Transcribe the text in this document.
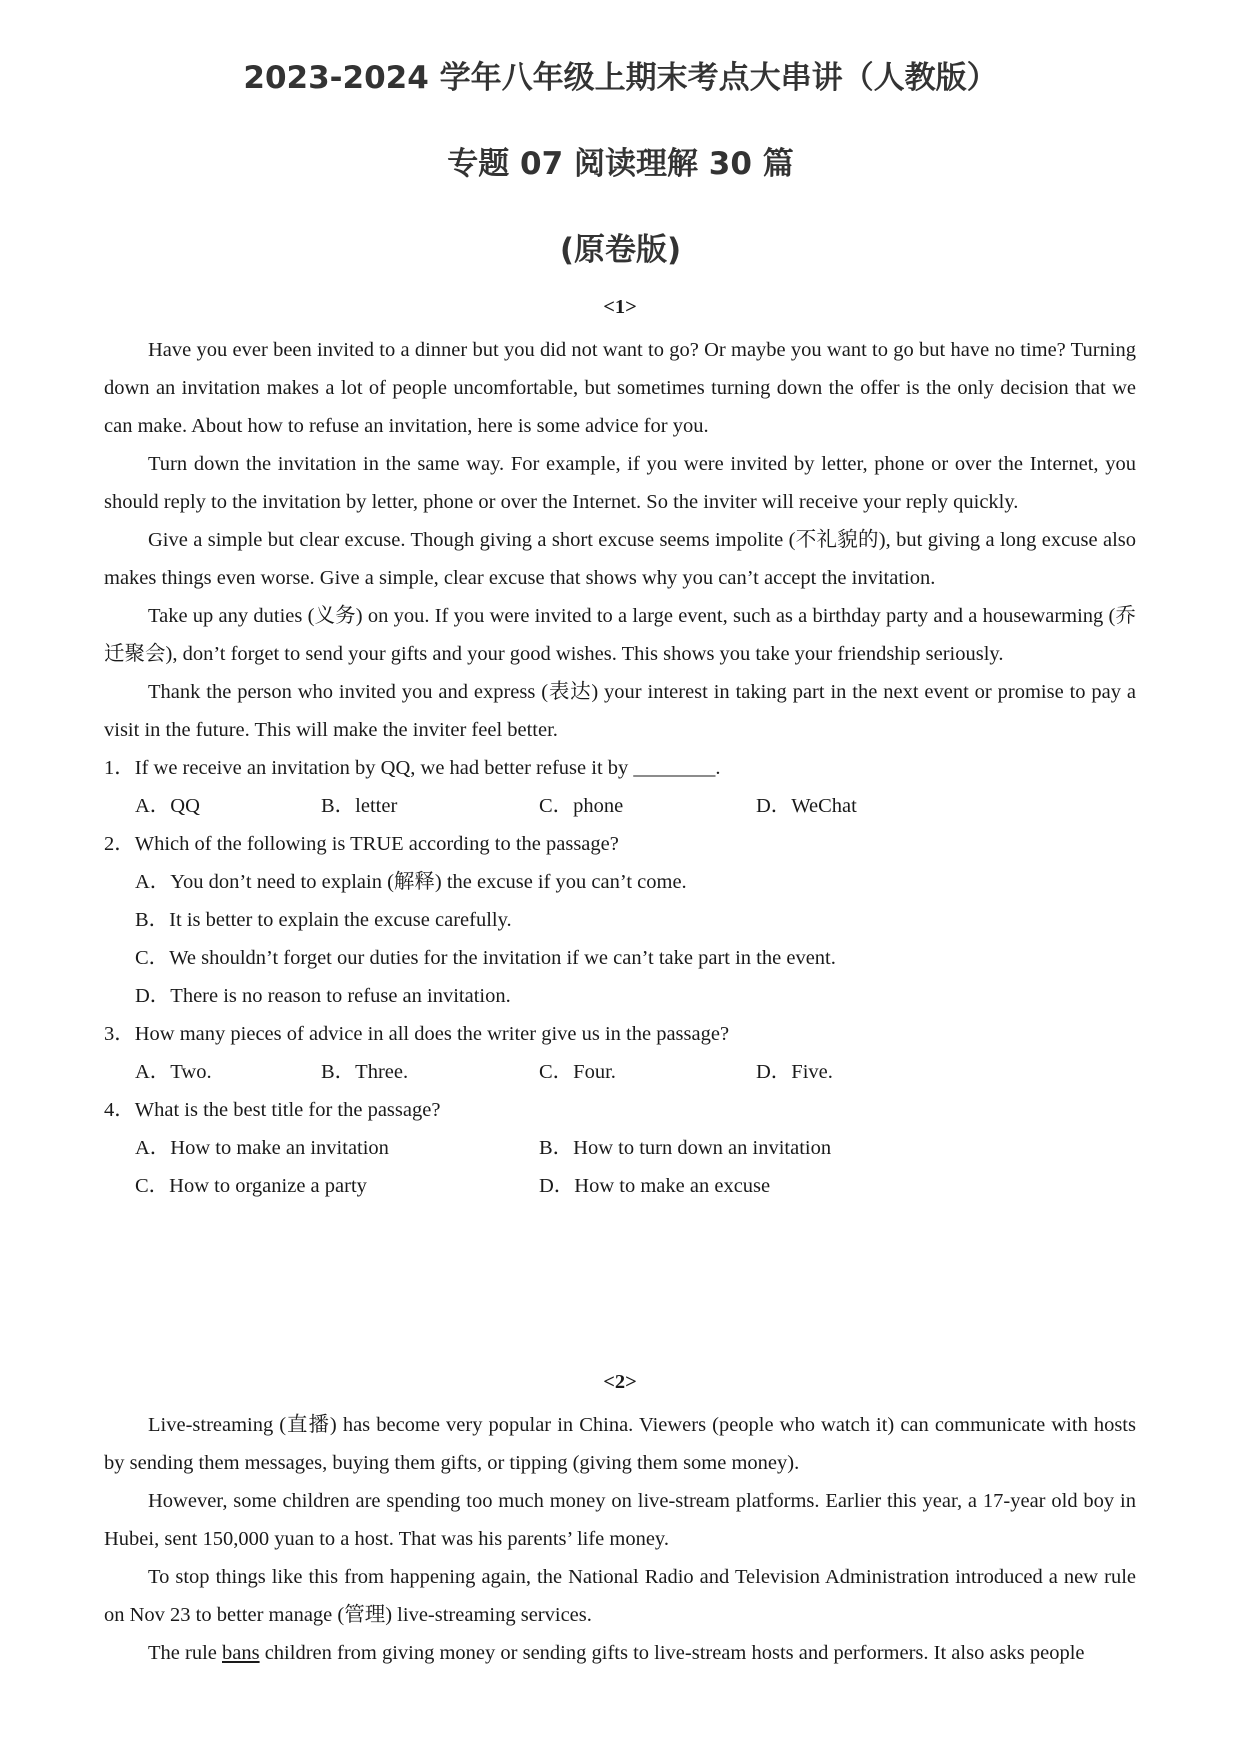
2023-2024 学年八年级上期末考点大串讲（人教版）
专题 07 阅读理解 30 篇
(原卷版)
<1>

Have you ever been invited to a dinner but you did not want to go? Or maybe you want to go but have no time? Turning down an invitation makes a lot of people uncomfortable, but sometimes turning down the offer is the only decision that we can make. About how to refuse an invitation, here is some advice for you.

Turn down the invitation in the same way. For example, if you were invited by letter, phone or over the Internet, you should reply to the invitation by letter, phone or over the Internet. So the inviter will receive your reply quickly.

Give a simple but clear excuse. Though giving a short excuse seems impolite (不礼貌的), but giving a long excuse also makes things even worse. Give a simple, clear excuse that shows why you can’t accept the invitation.

Take up any duties (义务) on you. If you were invited to a large event, such as a birthday party and a housewarming (乔迁聚会), don’t forget to send your gifts and your good wishes. This shows you take your friendship seriously.

Thank the person who invited you and express (表达) your interest in taking part in the next event or promise to pay a visit in the future. This will make the inviter feel better.

1．If we receive an invitation by QQ, we had better refuse it by ________.

A．QQ	B．letter	C．phone	D．WeChat

2．Which of the following is TRUE according to the passage?

A．You don’t need to explain (解释) the excuse if you can’t come.
B．It is better to explain the excuse carefully.
C．We shouldn’t forget our duties for the invitation if we can’t take part in the event.
D．There is no reason to refuse an invitation.

3．How many pieces of advice in all does the writer give us in the passage?

A．Two.	B．Three.	C．Four.	D．Five.

4．What is the best title for the passage?

A．How to make an invitation	B．How to turn down an invitation
C．How to organize a party	D．How to make an excuse
<2>

Live-streaming (直播) has become very popular in China. Viewers (people who watch it) can communicate with hosts by sending them messages, buying them gifts, or tipping (giving them some money).

However, some children are spending too much money on live-stream platforms. Earlier this year, a 17-year old boy in Hubei, sent 150,000 yuan to a host. That was his parents’ life money.

To stop things like this from happening again, the National Radio and Television Administration introduced a new rule on Nov 23 to better manage (管理) live-streaming services.

The rule bans children from giving money or sending gifts to live-stream hosts and performers. It also asks people
